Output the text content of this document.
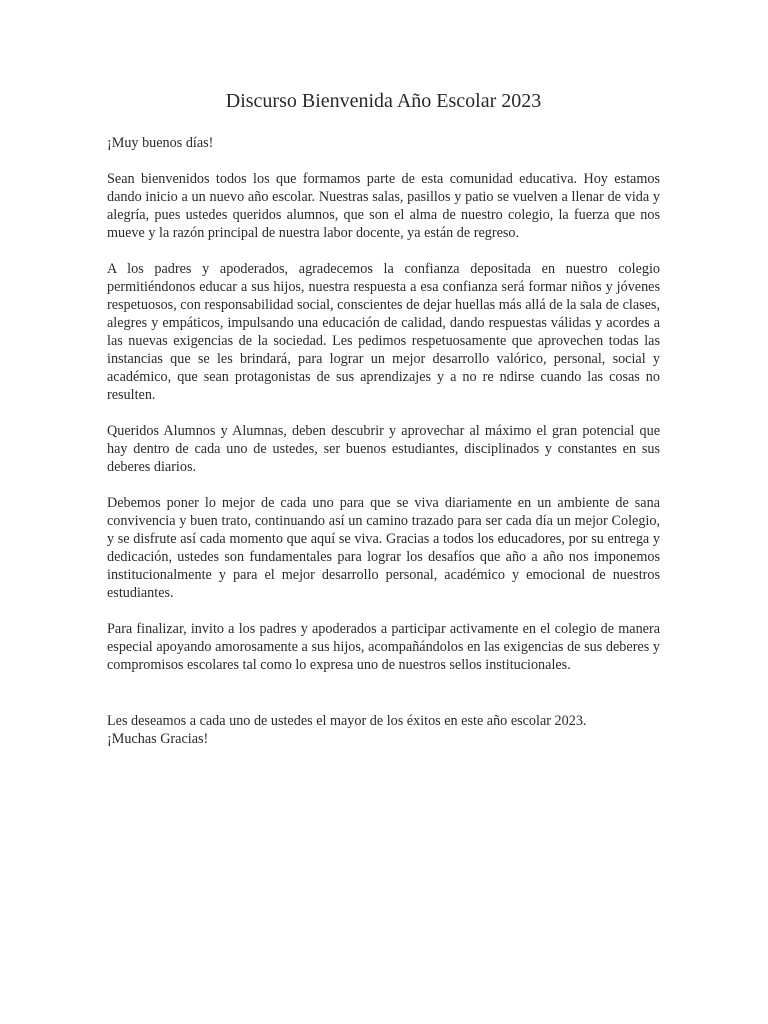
Discurso Bienvenida Año Escolar 2023

¡Muy buenos días!

Sean bienvenidos todos los que formamos parte de esta comunidad educativa. Hoy estamos dando inicio a un nuevo año escolar. Nuestras salas, pasillos y patio se vuelven a llenar de vida y alegría, pues ustedes queridos alumnos, que son el alma de nuestro colegio, la fuerza que nos mueve y la razón principal de nuestra labor docente, ya están de regreso.

A los padres y apoderados, agradecemos la confianza depositada en nuestro colegio permitiéndonos educar a sus hijos, nuestra respuesta a esa confianza será formar niños y jóvenes respetuosos, con responsabilidad social, conscientes de dejar huellas más allá de la sala de clases, alegres y empáticos, impulsando una educación de calidad, dando respuestas válidas y acordes a las nuevas exigencias de la sociedad. Les pedimos respetuosamente que aprovechen todas las instancias que se les brindará, para lograr un mejor desarrollo valórico, personal, social y académico, que sean protagonistas de sus aprendizajes y a no re ndirse cuando las cosas no resulten.

Queridos Alumnos y Alumnas, deben descubrir y aprovechar al máximo el gran potencial que hay dentro de cada uno de ustedes, ser buenos estudiantes, disciplinados y constantes en sus deberes diarios.

Debemos poner lo mejor de cada uno para que se viva diariamente en un ambiente de sana convivencia y buen trato, continuando así un camino trazado para ser cada día un mejor Colegio, y se disfrute así cada momento que aquí se viva. Gracias a todos los educadores, por su entrega y dedicación, ustedes son fundamentales para lograr los desafíos que año a año nos imponemos institucionalmente y para el mejor desarrollo personal, académico y emocional de nuestros estudiantes.

Para finalizar, invito a los padres y apoderados a participar activamente en el colegio de manera especial apoyando amorosamente a sus hijos, acompañándolos en las exigencias de sus deberes y compromisos escolares tal como lo expresa uno de nuestros sellos institucionales.

Les deseamos a cada uno de ustedes el mayor de los éxitos en este año escolar 2023.

¡Muchas Gracias!
